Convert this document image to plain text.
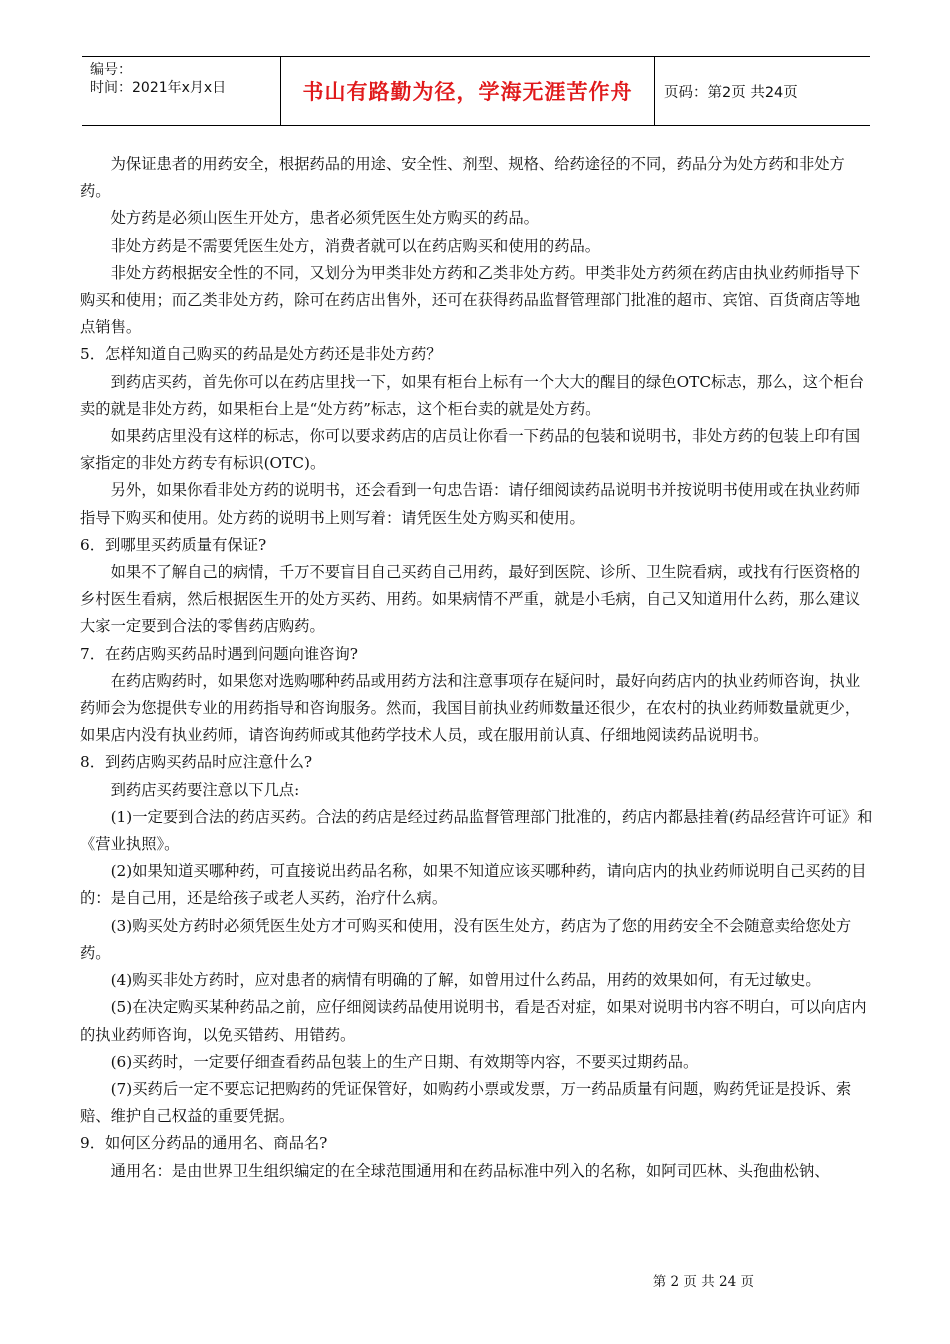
编号：
时间：2021年x月x日	书山有路勤为径，学海无涯苦作舟	页码：第2页 共24页

为保证患者的用药安全，根据药品的用途、安全性、剂型、规格、给药途径的不同，药品分为处方药和非处方药。

处方药是必须山医生开处方，患者必须凭医生处方购买的药品。

非处方药是不需要凭医生处方，消费者就可以在药店购买和使用的药品。

非处方药根据安全性的不同，又划分为甲类非处方药和乙类非处方药。甲类非处方药须在药店由执业药师指导下购买和使用；而乙类非处方药，除可在药店出售外，还可在获得药品监督管理部门批准的超市、宾馆、百货商店等地点销售。

5．怎样知道自己购买的药品是处方药还是非处方药？

到药店买药，首先你可以在药店里找一下，如果有柜台上标有一个大大的醒目的绿色OTC标志，那么，这个柜台卖的就是非处方药，如果柜台上是“处方药”标志，这个柜台卖的就是处方药。

如果药店里没有这样的标志，你可以要求药店的店员让你看一下药品的包装和说明书，非处方药的包装上印有国家指定的非处方药专有标识(OTC)。

另外，如果你看非处方药的说明书，还会看到一句忠告语：请仔细阅读药品说明书并按说明书使用或在执业药师指导下购买和使用。处方药的说明书上则写着：请凭医生处方购买和使用。

6．到哪里买药质量有保证?

如果不了解自己的病情，千万不要盲目自己买药自己用药，最好到医院、诊所、卫生院看病，或找有行医资格的乡村医生看病，然后根据医生开的处方买药、用药。如果病情不严重，就是小毛病，自己又知道用什么药，那么建议大家一定要到合法的零售药店购药。

7．在药店购买药品时遇到问题向谁咨询?

在药店购药时，如果您对选购哪种药品或用药方法和注意事项存在疑问时，最好向药店内的执业药师咨询，执业药师会为您提供专业的用药指导和咨询服务。然而，我国目前执业药师数量还很少，在农村的执业药师数量就更少，如果店内没有执业药师，请咨询药师或其他药学技术人员，或在服用前认真、仔细地阅读药品说明书。

8．到药店购买药品时应注意什么?

到药店买药要注意以下几点:

(1)一定要到合法的药店买药。合法的药店是经过药品监督管理部门批准的，药店内都悬挂着(药品经营许可证》和《营业执照》。

(2)如果知道买哪种药，可直接说出药品名称，如果不知道应该买哪种药，请向店内的执业药师说明自己买药的目的：是自己用，还是给孩子或老人买药，治疗什么病。

(3)购买处方药时必须凭医生处方才可购买和使用，没有医生处方，药店为了您的用药安全不会随意卖给您处方药。

(4)购买非处方药时，应对患者的病情有明确的了解，如曾用过什么药品，用药的效果如何，有无过敏史。

(5)在决定购买某种药品之前，应仔细阅读药品使用说明书，看是否对症，如果对说明书内容不明白，可以向店内的执业药师咨询，以免买错药、用错药。

(6)买药时，一定要仔细查看药品包装上的生产日期、有效期等内容，不要买过期药品。

(7)买药后一定不要忘记把购药的凭证保管好，如购药小票或发票，万一药品质量有问题，购药凭证是投诉、索赔、维护自己权益的重要凭据。

9．如何区分药品的通用名、商品名?

通用名：是由世界卫生组织编定的在全球范围通用和在药品标准中列入的名称，如阿司匹林、头孢曲松钠、

第 2 页 共 24 页
